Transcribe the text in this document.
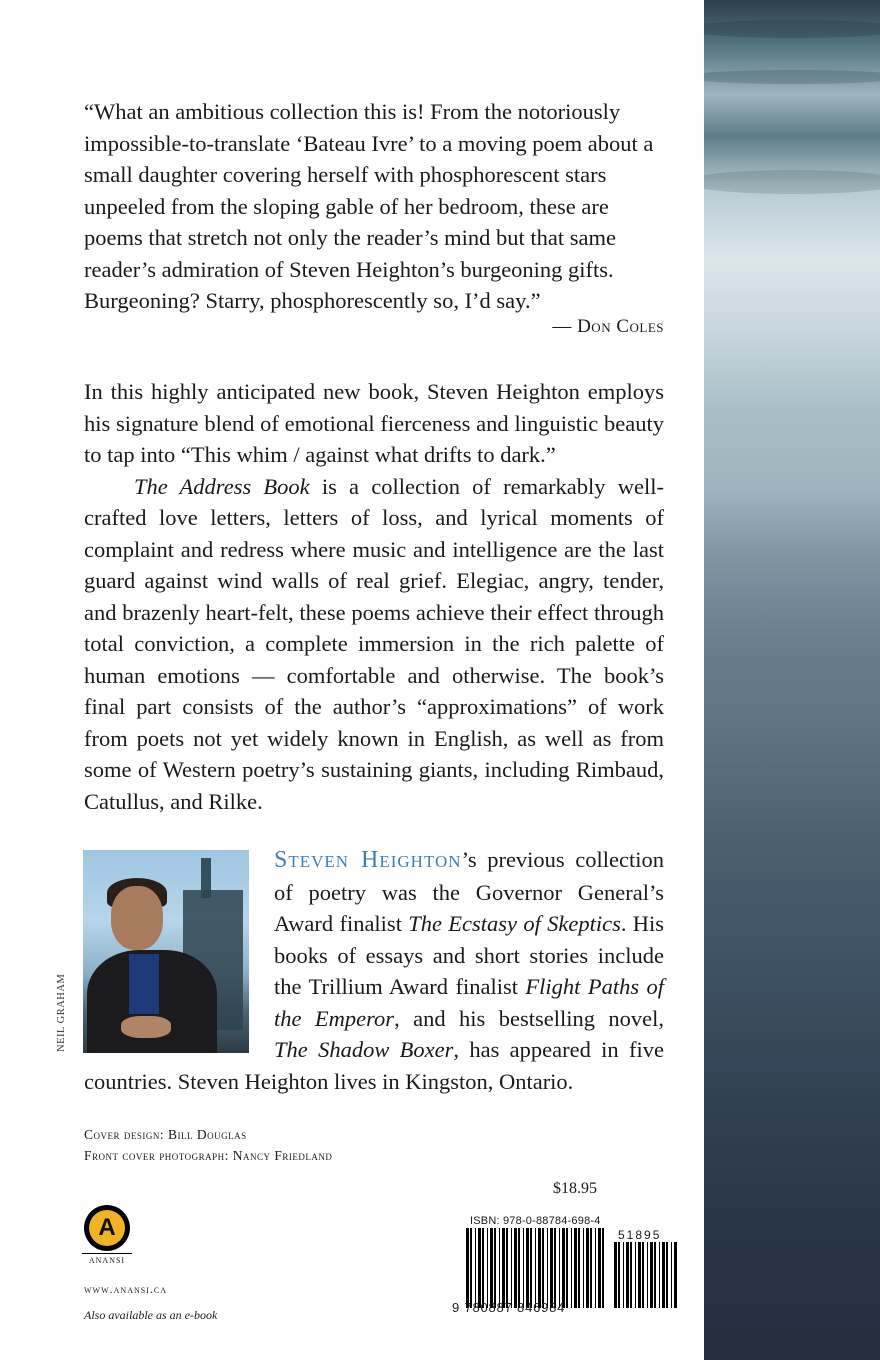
“What an ambitious collection this is! From the notoriously impossible-to-translate ‘Bateau Ivre’ to a moving poem about a small daughter covering herself with phosphorescent stars unpeeled from the sloping gable of her bedroom, these are poems that stretch not only the reader’s mind but that same reader’s admiration of Steven Heighton’s burgeoning gifts. Burgeoning? Starry, phosphorescently so, I’d say.”
— Don Coles

In this highly anticipated new book, Steven Heighton employs his signature blend of emotional fierceness and linguistic beauty to tap into “This whim / against what drifts to dark.”

The Address Book is a collection of remarkably well-crafted love letters, letters of loss, and lyrical moments of complaint and redress where music and intelligence are the last guard against wind walls of real grief. Elegiac, angry, tender, and brazenly heart-felt, these poems achieve their effect through total conviction, a complete immersion in the rich palette of human emotions — comfortable and otherwise. The book’s final part consists of the author’s “approximations” of work from poets not yet widely known in English, as well as from some of Western poetry’s sustaining giants, including Rimbaud, Catullus, and Rilke.

NEIL GRAHAM
Steven Heighton’s previous collection of poetry was the Governor General’s Award finalist The Ecstasy of Skeptics. His books of essays and short stories include the Trillium Award finalist Flight Paths of the Emperor, and his bestselling novel, The Shadow Boxer, has appeared in five countries. Steven Heighton lives in Kingston, Ontario.
Cover design: Bill Douglas
Front cover photograph: Nancy Friedland
$18.95
A
ANANSI
www.anansi.ca
Also available as an e-book
ISBN: 978-0-88784-698-4
51895
9 780887 846984
